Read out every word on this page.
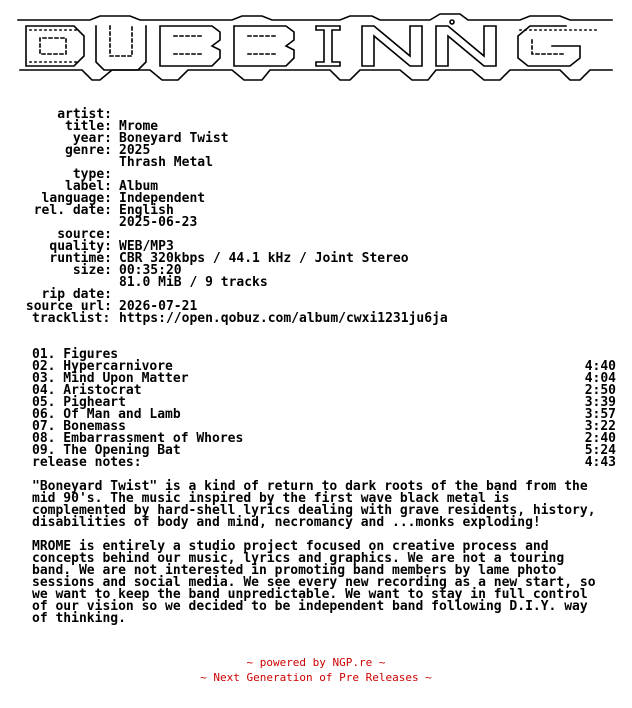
artist:

Mrome

title:

Boneyard Twist

year:

2025

genre:

Thrash Metal

type:

Album

label:

Independent

language:

English

rel. date:

2025-06-23

source:

WEB/MP3

quality:

CBR 320kbps / 44.1 kHz / Joint Stereo

runtime:

00:35:20

size:

81.0 MiB / 9 tracks

rip date:

2026-07-21

source url:

https://open.qobuz.com/album/cwxi1231ju6ja

tracklist:

01. Figures

4:40

02. Hypercarnivore

4:04

03. Mind Upon Matter

2:50

04. Aristocrat

3:39

05. Pigheart

3:57

06. Of Man and Lamb

3:22

07. Bonemass

2:40

08. Embarrassment of Whores

5:24

09. The Opening Bat

4:43

release notes:
"Boneyard Twist" is a kind of return to dark roots of the band from the
mid 90's. The music inspired by the first wave black metal is
complemented by hard-shell lyrics dealing with grave residents, history,
disabilities of body and mind, necromancy and ...monks exploding!
MROME is entirely a studio project focused on creative process and
concepts behind our music, lyrics and graphics. We are not a touring
band. We are not interested in promoting band members by lame photo
sessions and social media. We see every new recording as a new start, so
we want to keep the band unpredictable. We want to stay in full control
of our vision so we decided to be independent band following D.I.Y. way
of thinking.
~ powered by NGP.re ~
~ Next Generation of Pre Releases ~
